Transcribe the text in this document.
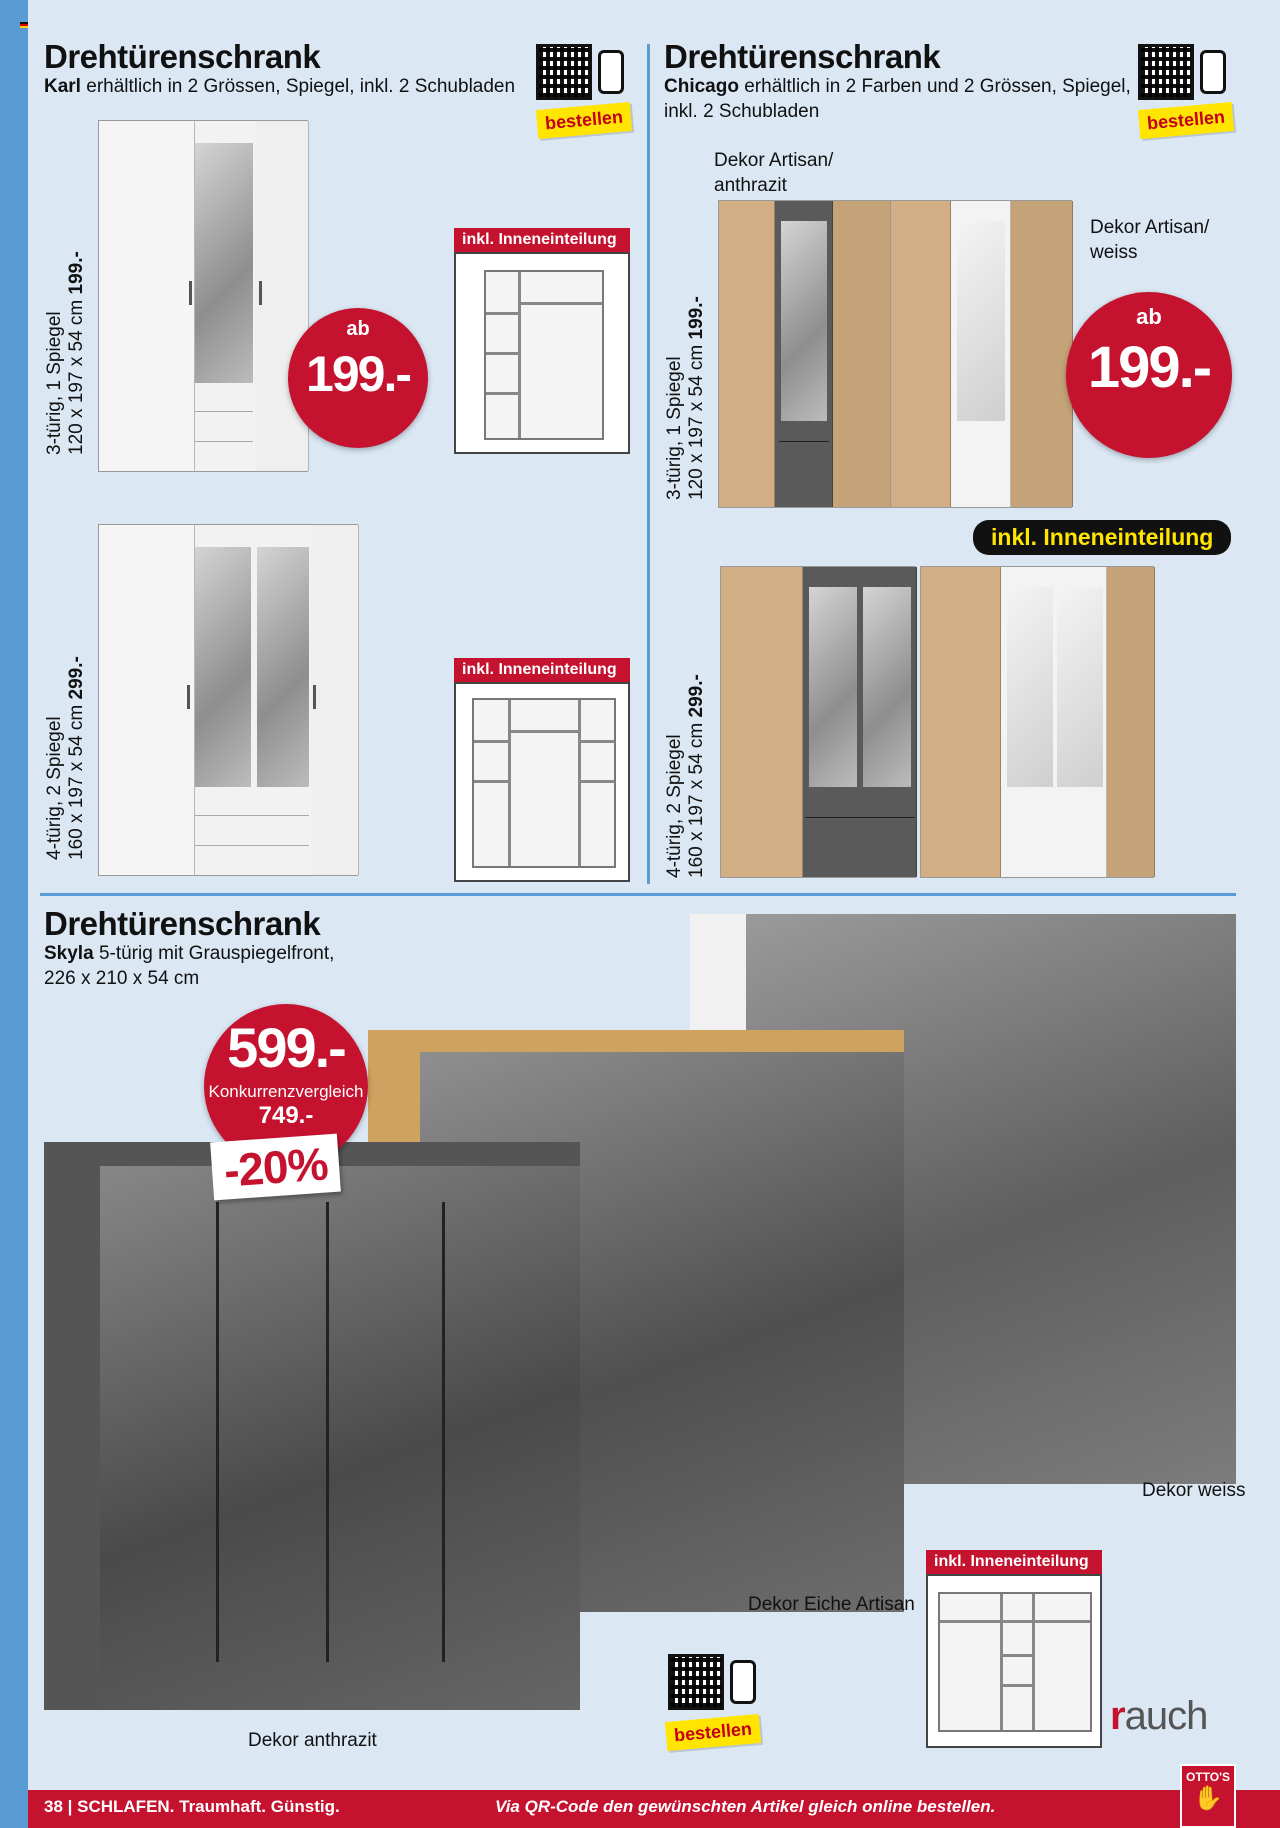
Drehtürenschrank
Karl erhältlich in 2 Grössen, Spiegel, inkl. 2 Schubladen
bestellen
3-türig, 1 Spiegel 120 x 197 x 54 cm 199.-
ab
199.-
inkl. Inneneinteilung
4-türig, 2 Spiegel 160 x 197 x 54 cm 299.-	inkl. Inneneinteilung
Drehtürenschrank
Chicago erhältlich in 2 Farben und 2 Grössen, Spiegel,
inkl. 2 Schubladen	bestellen
Dekor Artisan/
anthrazit
Dekor Artisan/
weiss
3-türig, 1 Spiegel 120 x 197 x 54 cm 199.-	ab
199.-
inkl. Inneneinteilung
4-türig, 2 Spiegel 160 x 197 x 54 cm 299.-
Drehtürenschrank
Skyla 5-türig mit Grauspiegelfront,
226 x 210 x 54 cm
599.-
Konkurrenzvergleich
749.-
-20%
Dekor weiss
Dekor Eiche Artisan
Dekor anthrazit
inkl. Inneneinteilung
bestellen	rauch
38 | SCHLAFEN. Traumhaft. Günstig.	Via QR-Code den gewünschten Artikel gleich online bestellen.
OTTO'S
✋
